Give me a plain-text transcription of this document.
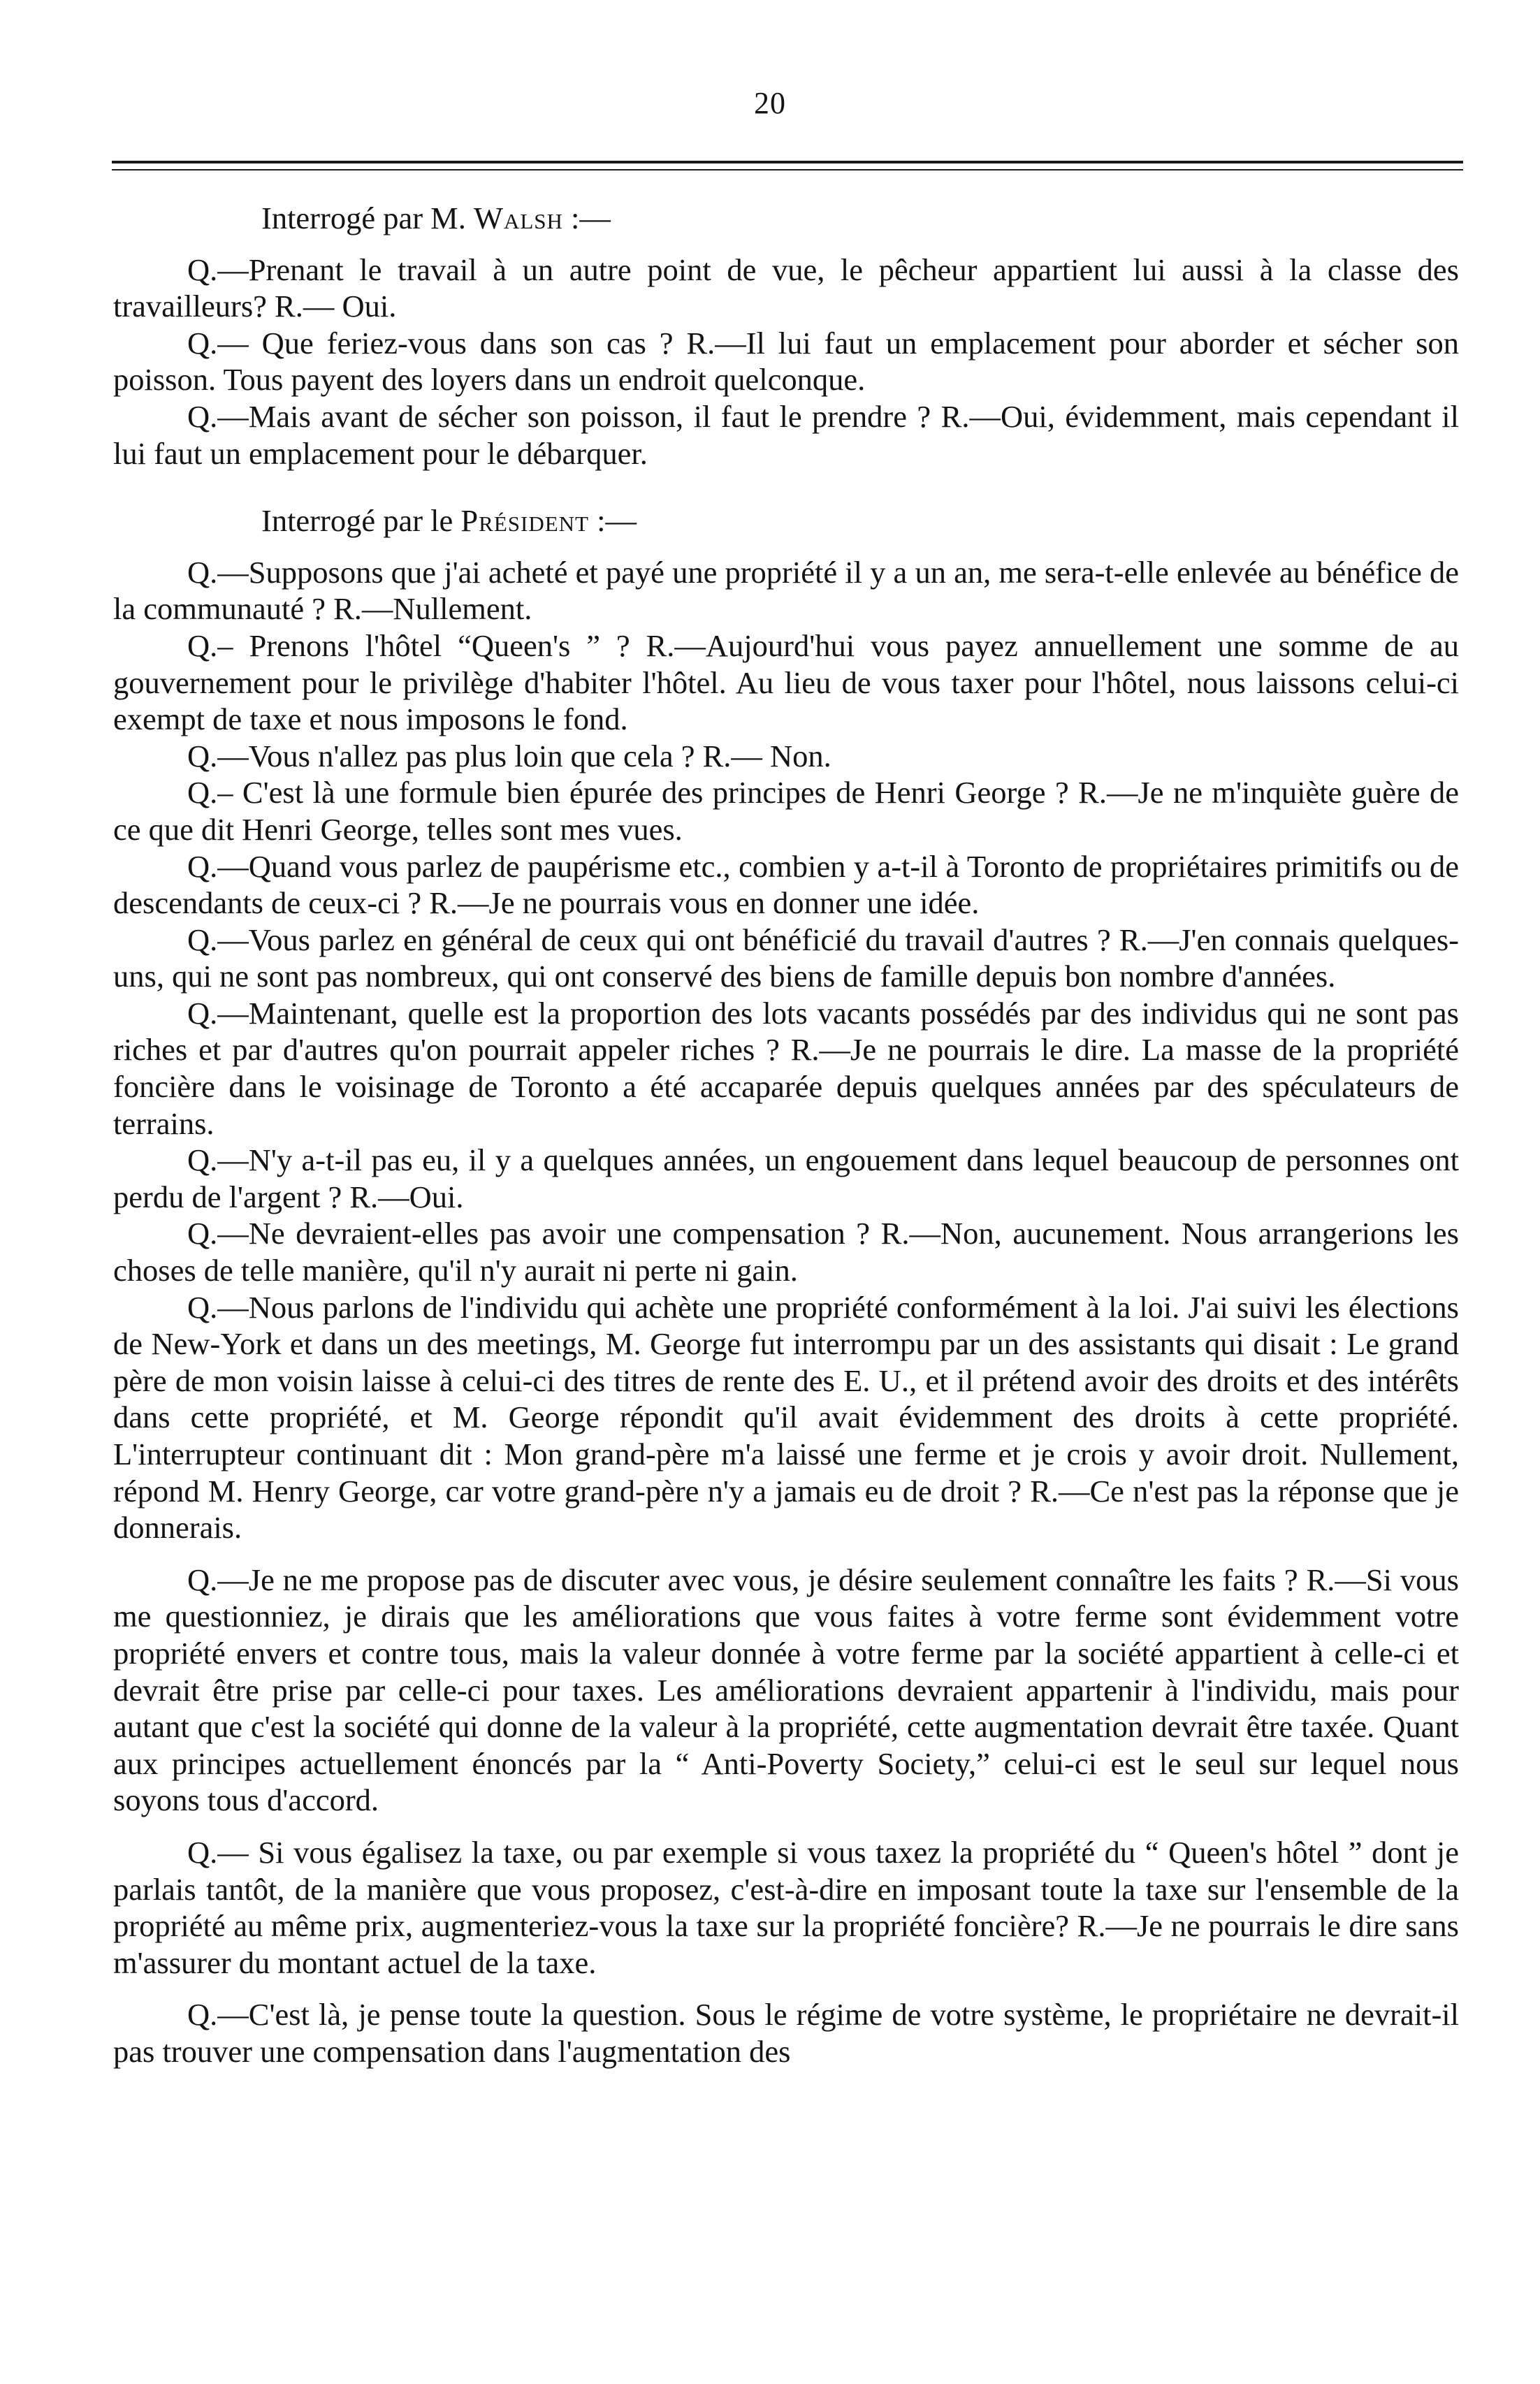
20
Interrogé par M. Walsh :—

Q.—Prenant le travail à un autre point de vue, le pêcheur appartient lui aussi à la classe des travailleurs? R.— Oui.

Q.— Que feriez-vous dans son cas ? R.—Il lui faut un emplacement pour aborder et sécher son poisson. Tous payent des loyers dans un endroit quelconque.

Q.—Mais avant de sécher son poisson, il faut le prendre ? R.—Oui, évidemment, mais cependant il lui faut un emplacement pour le débarquer.

Interrogé par le Président :—

Q.—Supposons que j'ai acheté et payé une propriété il y a un an, me sera-t-elle enlevée au bénéfice de la communauté ? R.—Nullement.

Q.– Prenons l'hôtel “Queen's ” ? R.—Aujourd'hui vous payez annuellement une somme de au gouvernement pour le privilège d'habiter l'hôtel. Au lieu de vous taxer pour l'hôtel, nous laissons celui-ci exempt de taxe et nous imposons le fond.

Q.—Vous n'allez pas plus loin que cela ? R.— Non.

Q.– C'est là une formule bien épurée des principes de Henri George ? R.—Je ne m'inquiète guère de ce que dit Henri George, telles sont mes vues.

Q.—Quand vous parlez de paupérisme etc., combien y a-t-il à Toronto de propriétaires primitifs ou de descendants de ceux-ci ? R.—Je ne pourrais vous en donner une idée.

Q.—Vous parlez en général de ceux qui ont bénéficié du travail d'autres ? R.—J'en connais quelques-uns, qui ne sont pas nombreux, qui ont conservé des biens de famille depuis bon nombre d'années.

Q.—Maintenant, quelle est la proportion des lots vacants possédés par des individus qui ne sont pas riches et par d'autres qu'on pourrait appeler riches ? R.—Je ne pourrais le dire. La masse de la propriété foncière dans le voisinage de Toronto a été accaparée depuis quelques années par des spéculateurs de terrains.

Q.—N'y a-t-il pas eu, il y a quelques années, un engouement dans lequel beaucoup de personnes ont perdu de l'argent ? R.—Oui.

Q.—Ne devraient-elles pas avoir une compensation ? R.—Non, aucunement. Nous arrangerions les choses de telle manière, qu'il n'y aurait ni perte ni gain.

Q.—Nous parlons de l'individu qui achète une propriété conformément à la loi. J'ai suivi les élections de New-York et dans un des meetings, M. George fut interrompu par un des assistants qui disait : Le grand père de mon voisin laisse à celui-ci des titres de rente des E. U., et il prétend avoir des droits et des intérêts dans cette propriété, et M. George répondit qu'il avait évidemment des droits à cette propriété. L'interrupteur continuant dit : Mon grand-père m'a laissé une ferme et je crois y avoir droit. Nullement, répond M. Henry George, car votre grand-père n'y a jamais eu de droit ? R.—Ce n'est pas la réponse que je donnerais.

Q.—Je ne me propose pas de discuter avec vous, je désire seulement connaître les faits ? R.—Si vous me questionniez, je dirais que les améliorations que vous faites à votre ferme sont évidemment votre propriété envers et contre tous, mais la valeur donnée à votre ferme par la société appartient à celle-ci et devrait être prise par celle-ci pour taxes. Les améliorations devraient appartenir à l'individu, mais pour autant que c'est la société qui donne de la valeur à la propriété, cette augmentation devrait être taxée. Quant aux principes actuellement énoncés par la “ Anti-Poverty Society,” celui-ci est le seul sur lequel nous soyons tous d'accord.

Q.— Si vous égalisez la taxe, ou par exemple si vous taxez la propriété du “ Queen's hôtel ” dont je parlais tantôt, de la manière que vous proposez, c'est-à-dire en imposant toute la taxe sur l'ensemble de la propriété au même prix, augmenteriez-vous la taxe sur la propriété foncière? R.—Je ne pourrais le dire sans m'assurer du montant actuel de la taxe.

Q.—C'est là, je pense toute la question. Sous le régime de votre système, le propriétaire ne devrait-il pas trouver une compensation dans l'augmentation des
